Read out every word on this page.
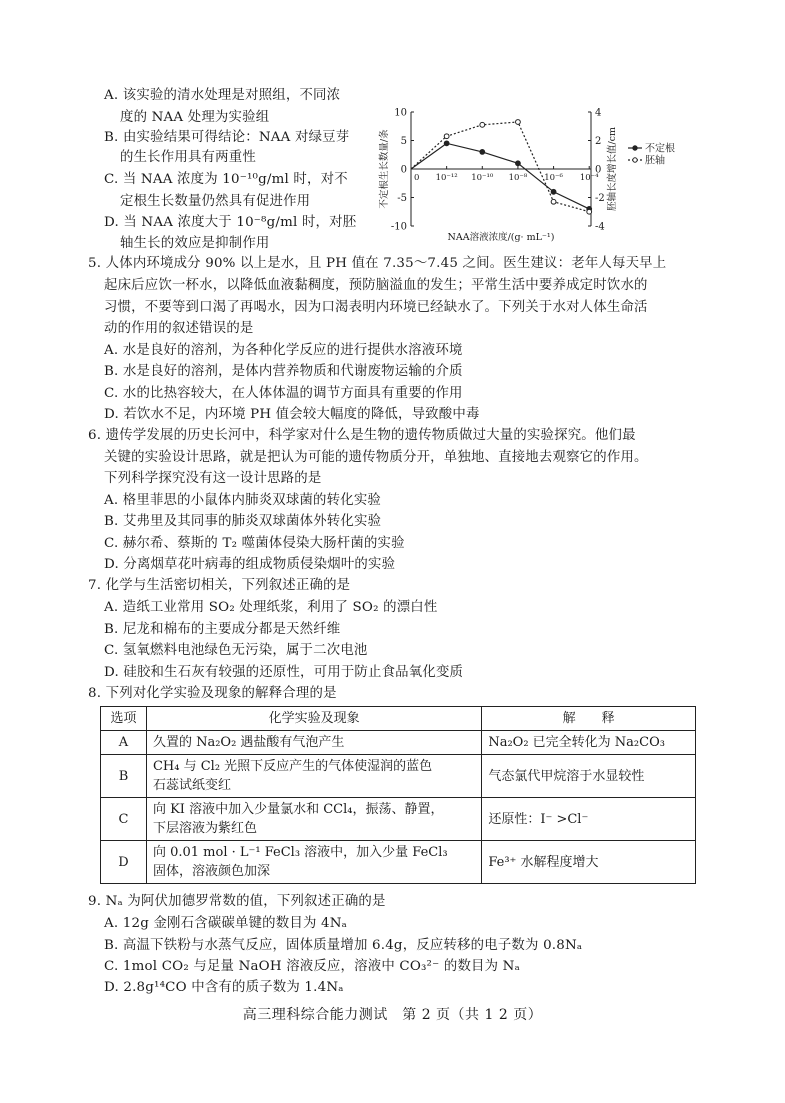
A. 该实验的清水处理是对照组，不同浓
度的 NAA 处理为实验组
B. 由实验结果可得结论：NAA 对绿豆芽
的生长作用具有两重性
C. 当 NAA 浓度为 10⁻¹⁰g/ml 时，对不
定根生长数量仍然具有促进作用
D. 当 NAA 浓度大于 10⁻⁸g/ml 时，对胚
轴生长的效应是抑制作用
10
5
0
-5
-10
4
2
0
-2
-4
0 10⁻¹² 10⁻¹⁰ 10⁻⁸ 10⁻⁶ 10⁻⁴
NAA溶液浓度/(g· mL⁻¹)
不定根生长数量/条	胚轴长度增长值/cm	不定根
胚轴
5. 人体内环境成分 90% 以上是水，且 PH 值在 7.35～7.45 之间。医生建议：老年人每天早上
起床后应饮一杯水，以降低血液黏稠度，预防脑溢血的发生；平常生活中要养成定时饮水的
习惯，不要等到口渴了再喝水，因为口渴表明内环境已经缺水了。下列关于水对人体生命活
动的作用的叙述错误的是
A. 水是良好的溶剂，为各种化学反应的进行提供水溶液环境
B. 水是良好的溶剂，是体内营养物质和代谢废物运输的介质
C. 水的比热容较大，在人体体温的调节方面具有重要的作用
D. 若饮水不足，内环境 PH 值会较大幅度的降低，导致酸中毒
6. 遗传学发展的历史长河中，科学家对什么是生物的遗传物质做过大量的实验探究。他们最
关键的实验设计思路，就是把认为可能的遗传物质分开，单独地、直接地去观察它的作用。
下列科学探究没有这一设计思路的是
A. 格里菲思的小鼠体内肺炎双球菌的转化实验
B. 艾弗里及其同事的肺炎双球菌体外转化实验
C. 赫尔希、蔡斯的 T₂ 噬菌体侵染大肠杆菌的实验
D. 分离烟草花叶病毒的组成物质侵染烟叶的实验
7. 化学与生活密切相关，下列叙述正确的是
A. 造纸工业常用 SO₂ 处理纸浆，利用了 SO₂ 的漂白性
B. 尼龙和棉布的主要成分都是天然纤维
C. 氢氧燃料电池绿色无污染，属于二次电池
D. 硅胶和生石灰有较强的还原性，可用于防止食品氧化变质
8. 下列对化学实验及现象的解释合理的是
选项	化学实验及现象	解　　释
A	久置的 Na₂O₂ 遇盐酸有气泡产生	Na₂O₂ 已完全转化为 Na₂CO₃
B	CH₄ 与 Cl₂ 光照下反应产生的气体使湿润的蓝色
石蕊试纸变红	气态氯代甲烷溶于水显较性
C	向 KI 溶液中加入少量氯水和 CCl₄，振荡、静置，
下层溶液为紫红色	还原性：I⁻ >Cl⁻
D	向 0.01 mol · L⁻¹ FeCl₃ 溶液中，加入少量 FeCl₃
固体，溶液颜色加深	Fe³⁺ 水解程度增大
9. Nₐ 为阿伏加德罗常数的值，下列叙述正确的是
A. 12g 金刚石含碳碳单键的数目为 4Nₐ
B. 高温下铁粉与水蒸气反应，固体质量增加 6.4g，反应转移的电子数为 0.8Nₐ
C. 1mol CO₂ 与足量 NaOH 溶液反应，溶液中 CO₃²⁻ 的数目为 Nₐ
D. 2.8g¹⁴CO 中含有的质子数为 1.4Nₐ
高三理科综合能力测试　第 2 页（共 1 2 页）
